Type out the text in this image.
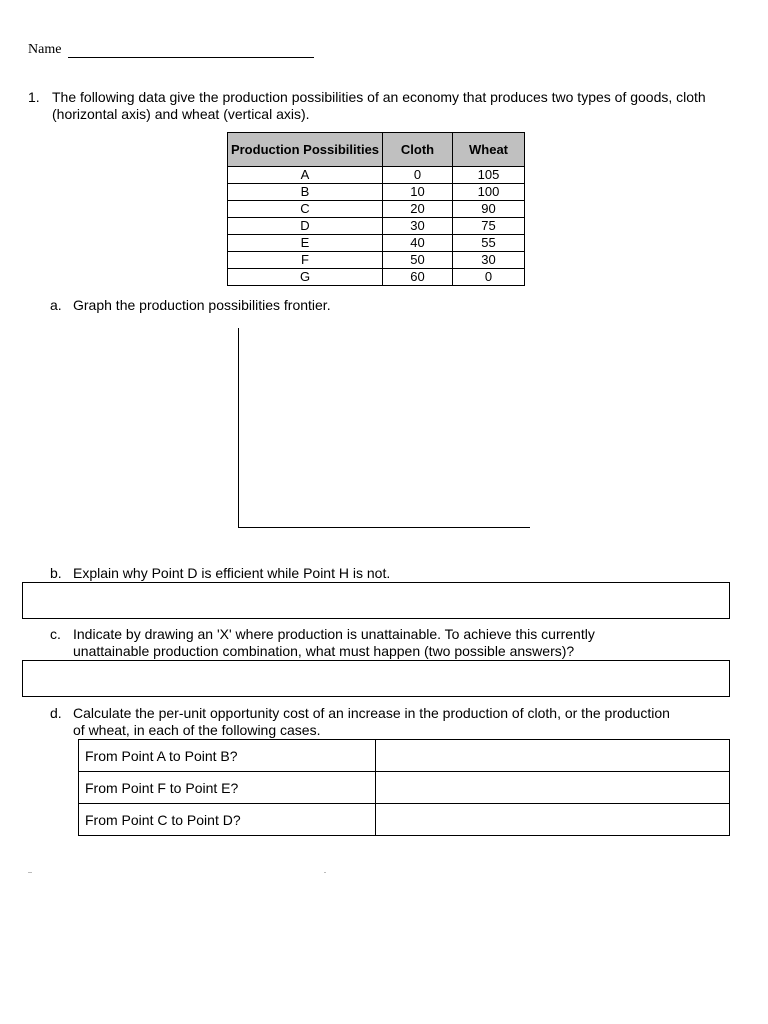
Name
1. The following data give the production possibilities of an economy that produces two types of goods, cloth (horizontal axis) and wheat (vertical axis).
Production Possibilities	Cloth	Wheat
A	0	105
B	10	100
C	20	90
D	30	75
E	40	55
F	50	30
G	60	0
a. Graph the production possibilities frontier.
b. Explain why Point D is efficient while Point H is not.
c. Indicate by drawing an 'X' where production is unattainable. To achieve this currently unattainable production combination, what must happen (two possible answers)?
d. Calculate the per-unit opportunity cost of an increase in the production of cloth, or the production of wheat, in each of the following cases.
From Point A to Point B?	
From Point F to Point E?	
From Point C to Point D?	
